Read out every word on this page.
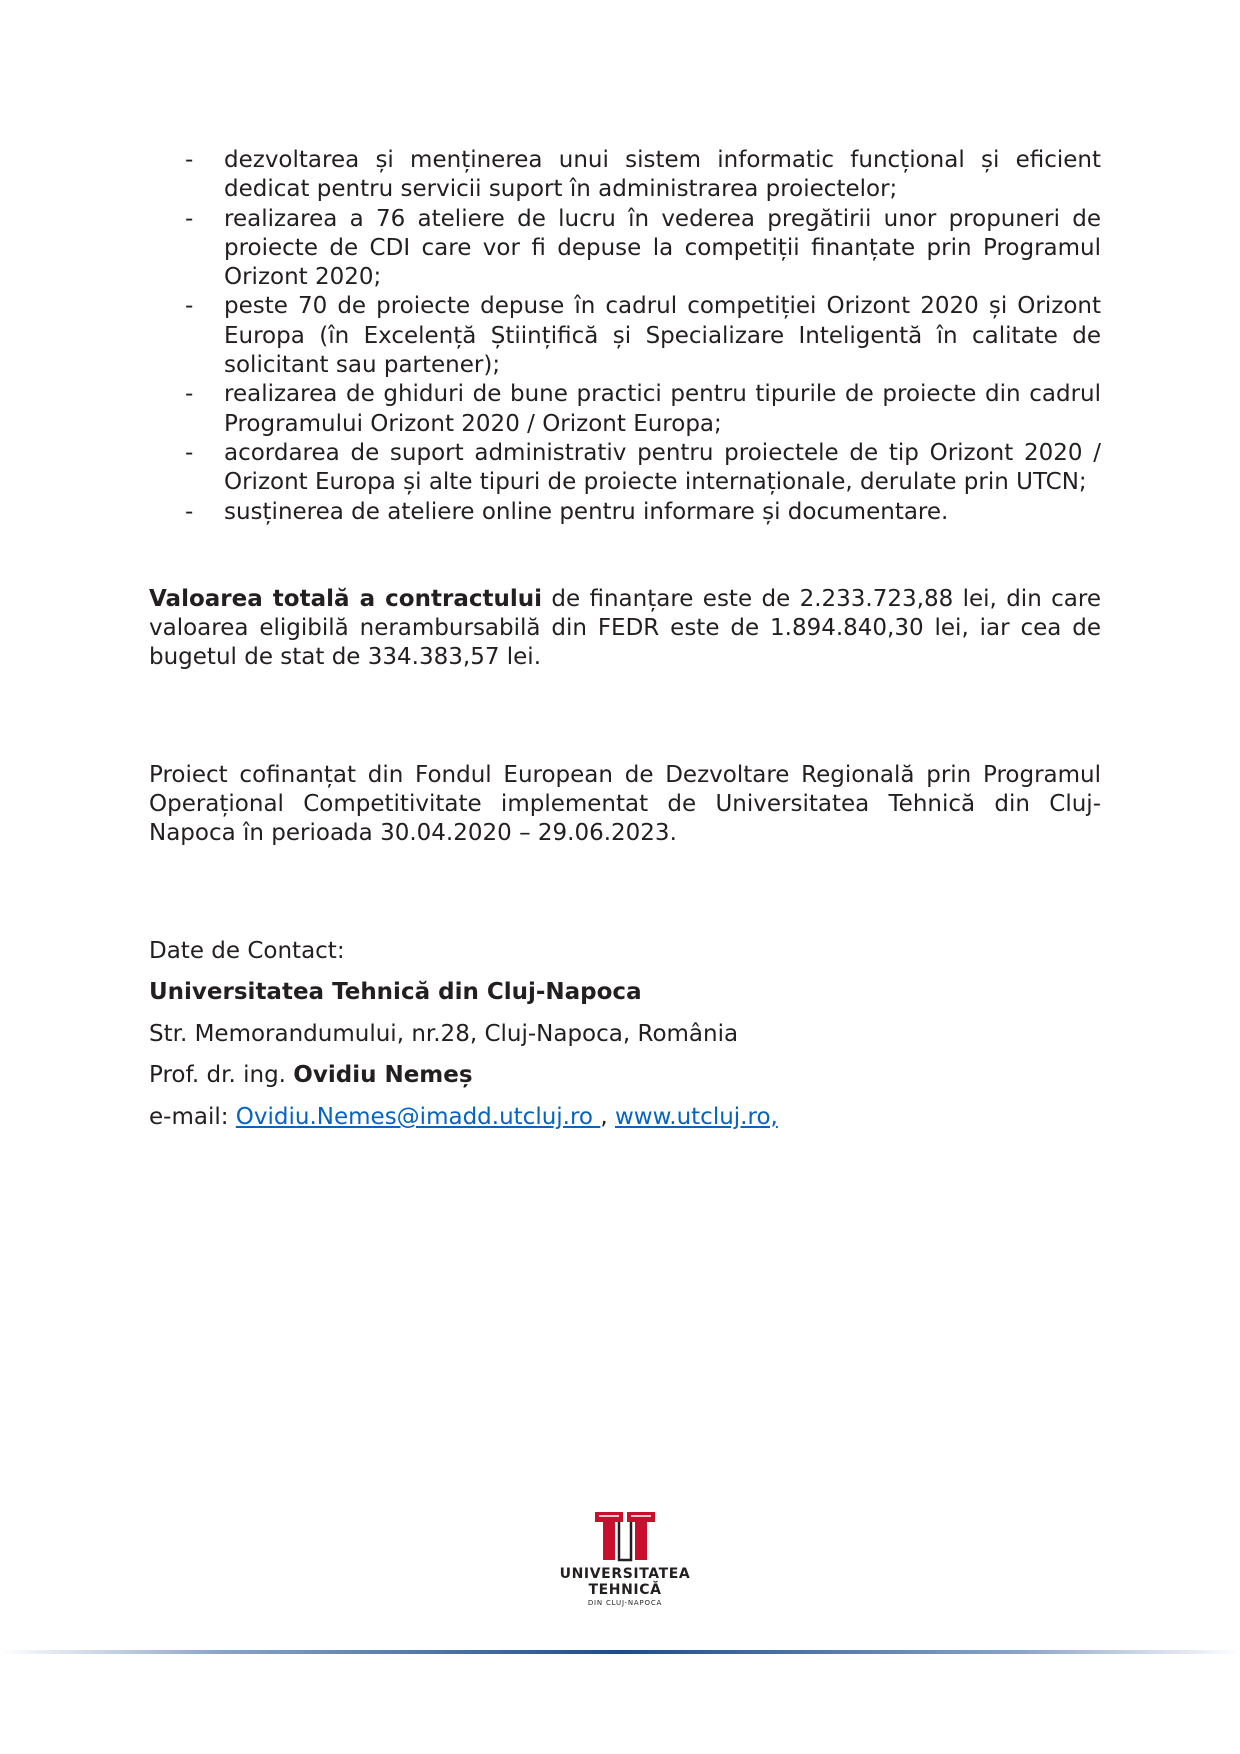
- dezvoltarea și menținerea unui sistem informatic funcțional și eficient dedicat pentru servicii suport în administrarea proiectelor;
- realizarea a 76 ateliere de lucru în vederea pregătirii unor propuneri de proiecte de CDI care vor fi depuse la competiții finanțate prin Programul Orizont 2020;
- peste 70 de proiecte depuse în cadrul competiției Orizont 2020 și Orizont Europa (în Excelență Științifică și Specializare Inteligentă în calitate de solicitant sau partener);
- realizarea de ghiduri de bune practici pentru tipurile de proiecte din cadrul Programului Orizont 2020 / Orizont Europa;
- acordarea de suport administrativ pentru proiectele de tip Orizont 2020 / Orizont Europa și alte tipuri de proiecte internaționale, derulate prin UTCN;
- susținerea de ateliere online pentru informare și documentare.

Valoarea totală a contractului de finanțare este de 2.233.723,88 lei, din care valoarea eligibilă nerambursabilă din FEDR este de 1.894.840,30 lei, iar cea de bugetul de stat de 334.383,57 lei.

Proiect cofinanțat din Fondul European de Dezvoltare Regională prin Programul Operațional Competitivitate implementat de Universitatea Tehnică din Cluj-Napoca în perioada 30.04.2020 – 29.06.2023.

Date de Contact:
Universitatea Tehnică din Cluj-Napoca
Str. Memorandumului, nr.28, Cluj-Napoca, România
Prof. dr. ing. Ovidiu Nemeș
e-mail: Ovidiu.Nemes@imadd.utcluj.ro , www.utcluj.ro,
UNIVERSITATEA
TEHNICĂ
DIN CLUJ-NAPOCA
